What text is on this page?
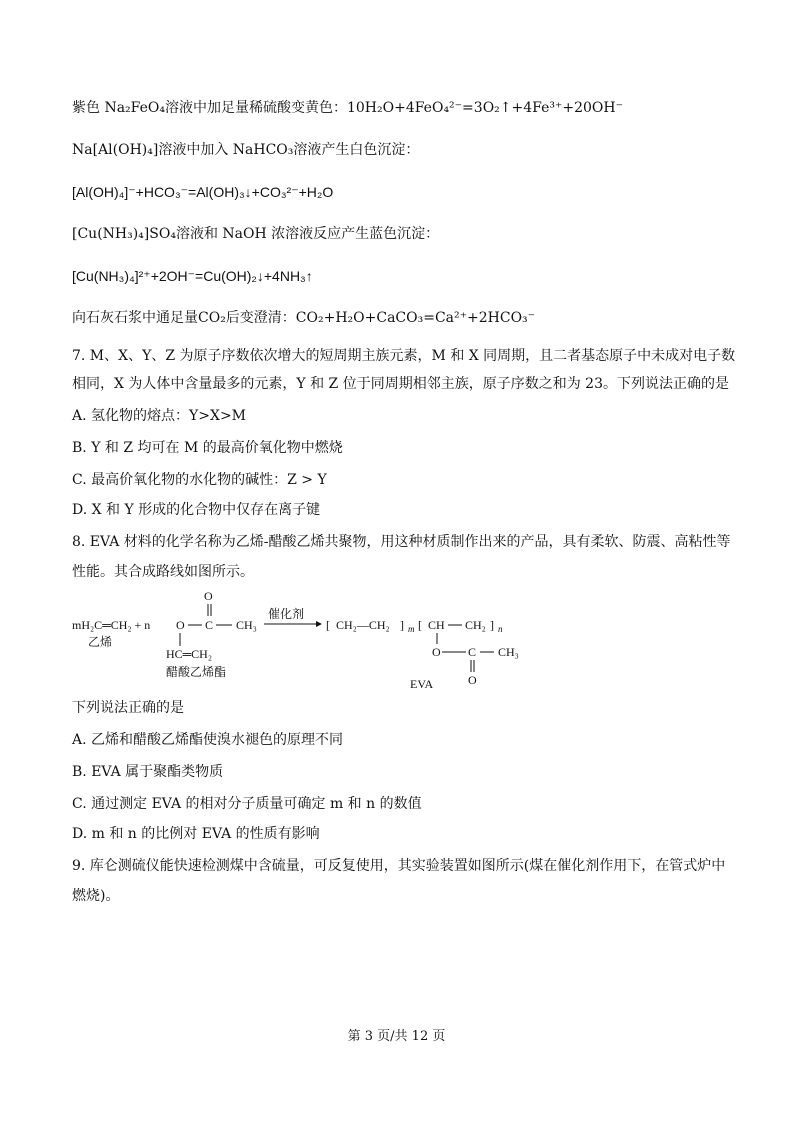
紫色 Na₂FeO₄溶液中加足量稀硫酸变黄色：10H₂O+4FeO₄²⁻=3O₂↑+4Fe³⁺+20OH⁻
Na[Al(OH)₄]溶液中加入 NaHCO₃溶液产生白色沉淀：
[Al(OH)₄]⁻+HCO₃⁻=Al(OH)₃↓+CO₃²⁻+H₂O
[Cu(NH₃)₄]SO₄溶液和 NaOH 浓溶液反应产生蓝色沉淀：
[Cu(NH₃)₄]²⁺+2OH⁻=Cu(OH)₂↓+4NH₃↑
向石灰石浆中通足量CO₂后变澄清：CO₂+H₂O+CaCO₃=Ca²⁺+2HCO₃⁻
7. M、X、Y、Z 为原子序数依次增大的短周期主族元素，M 和 X 同周期，且二者基态原子中未成对电子数
相同，X 为人体中含量最多的元素，Y 和 Z 位于同周期相邻主族，原子序数之和为 23。下列说法正确的是
A. 氢化物的熔点：Y>X>M
B. Y 和 Z 均可在 M 的最高价氧化物中燃烧
C. 最高价氧化物的水化物的碱性：Z > Y
D. X 和 Y 形成的化合物中仅存在离子键
8. EVA 材料的化学名称为乙烯-醋酸乙烯共聚物，用这种材质制作出来的产品，具有柔软、防震、高粘性等
性能。其合成路线如图所示。
mH₂C═CH₂ + n
乙烯
O
O C CH₃
HC═CH₂
醋酸乙烯酯
催化剂
[ CH₂—CH₂ ] m [ CH CH₂ ] n
O C CH₃
O
EVA
下列说法正确的是
A. 乙烯和醋酸乙烯酯使溴水褪色的原理不同
B. EVA 属于聚酯类物质
C. 通过测定 EVA 的相对分子质量可确定 m 和 n 的数值
D. m 和 n 的比例对 EVA 的性质有影响
9. 库仑测硫仪能快速检测煤中含硫量，可反复使用，其实验装置如图所示(煤在催化剂作用下，在管式炉中
燃烧)。
第 3 页/共 12 页
